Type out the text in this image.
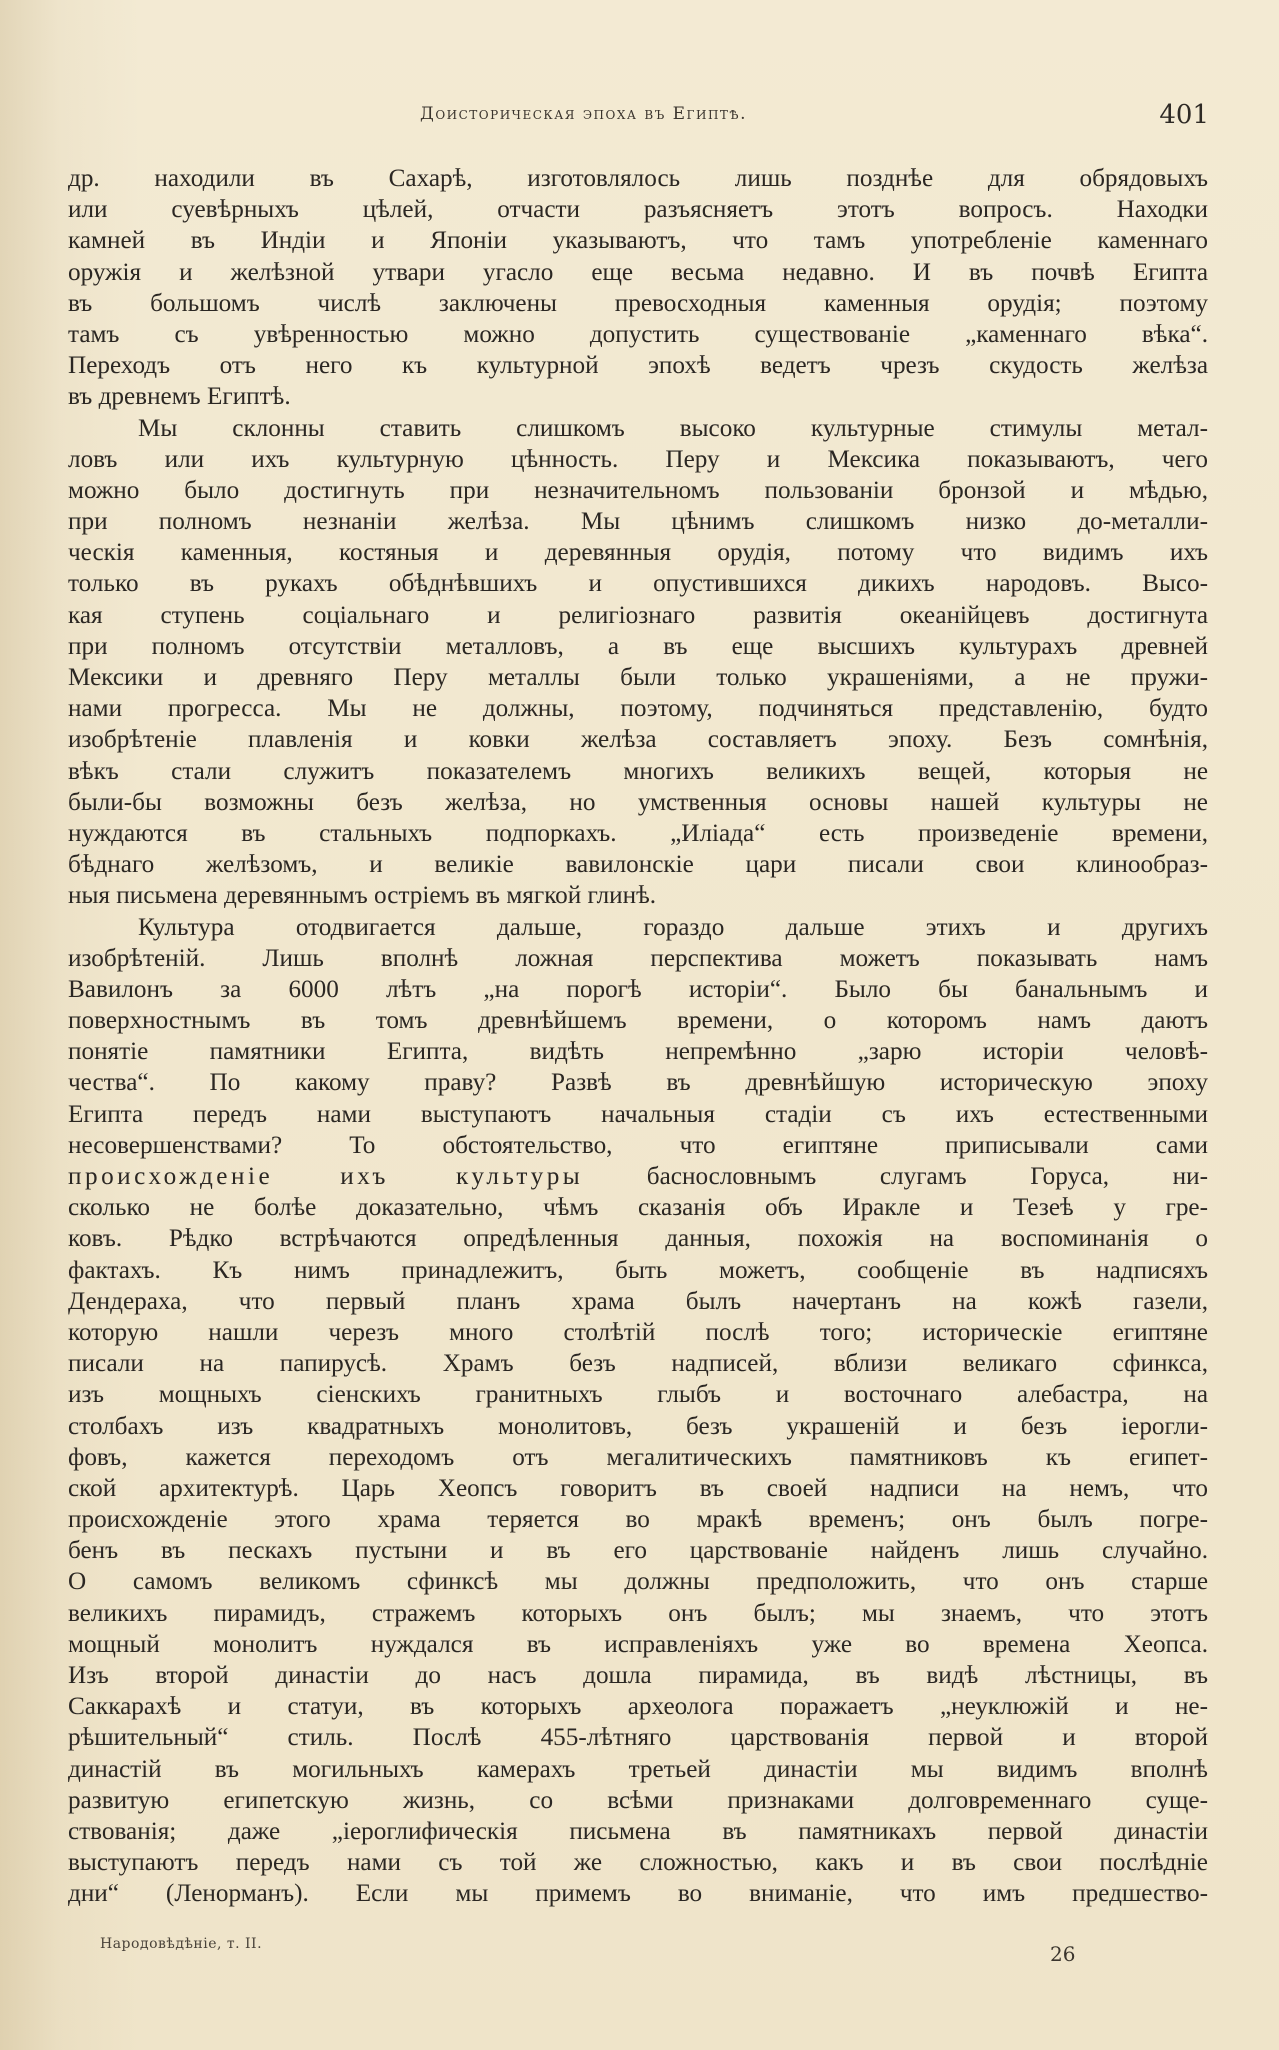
Доисторическая эпоха въ Египтѣ.	401
др. находили въ Сахарѣ, изготовлялось лишь позднѣе для обрядовыхъ
или суевѣрныхъ цѣлей, отчасти разъясняетъ этотъ вопросъ. Находки
камней въ Индіи и Японіи указываютъ, что тамъ употребленіе каменнаго
оружія и желѣзной утвари угасло еще весьма недавно. И въ почвѣ Египта
въ большомъ числѣ заключены превосходныя каменныя орудія; поэтому
тамъ съ увѣренностью можно допустить существованіе „каменнаго вѣка“.
Переходъ отъ него къ культурной эпохѣ ведетъ чрезъ скудость желѣза
въ древнемъ Египтѣ.
Мы склонны ставить слишкомъ высоко культурные стимулы метал-
ловъ или ихъ культурную цѣнность. Перу и Мексика показываютъ, чего
можно было достигнуть при незначительномъ пользованіи бронзой и мѣдью,
при полномъ незнаніи желѣза. Мы цѣнимъ слишкомъ низко до-металли-
ческія каменныя, костяныя и деревянныя орудія, потому что видимъ ихъ
только въ рукахъ обѣднѣвшихъ и опустившихся дикихъ народовъ. Высо-
кая ступень соціальнаго и религіознаго развитія океанійцевъ достигнута
при полномъ отсутствіи металловъ, а въ еще высшихъ культурахъ древней
Мексики и древняго Перу металлы были только украшеніями, а не пружи-
нами прогресса. Мы не должны, поэтому, подчиняться представленію, будто
изобрѣтеніе плавленія и ковки желѣза составляетъ эпоху. Безъ сомнѣнія,
вѣкъ стали служитъ показателемъ многихъ великихъ вещей, которыя не
были-бы возможны безъ желѣза, но умственныя основы нашей культуры не
нуждаются въ стальныхъ подпоркахъ. „Иліада“ есть произведеніе времени,
бѣднаго желѣзомъ, и великіе вавилонскіе цари писали свои клинообраз-
ныя письмена деревяннымъ остріемъ въ мягкой глинѣ.
Культура отодвигается дальше, гораздо дальше этихъ и другихъ
изобрѣтеній. Лишь вполнѣ ложная перспектива можетъ показывать намъ
Вавилонъ за 6000 лѣтъ „на порогѣ исторіи“. Было бы банальнымъ и
поверхностнымъ въ томъ древнѣйшемъ времени, о которомъ намъ даютъ
понятіе памятники Египта, видѣть непремѣнно „зарю исторіи человѣ-
чества“. По какому праву? Развѣ въ древнѣйшую историческую эпоху
Египта передъ нами выступаютъ начальныя стадіи съ ихъ естественными
несовершенствами? То обстоятельство, что египтяне приписывали сами
происхожденіе ихъ культуры баснословнымъ слугамъ Горуса, ни-
сколько не болѣе доказательно, чѣмъ сказанія объ Иракле и Тезеѣ у гре-
ковъ. Рѣдко встрѣчаются опредѣленныя данныя, похожія на воспоминанія о
фактахъ. Къ нимъ принадлежитъ, быть можетъ, сообщеніе въ надписяхъ
Дендераха, что первый планъ храма былъ начертанъ на кожѣ газели,
которую нашли черезъ много столѣтій послѣ того; историческіе египтяне
писали на папирусѣ. Храмъ безъ надписей, вблизи великаго сфинкса,
изъ мощныхъ сіенскихъ гранитныхъ глыбъ и восточнаго алебастра, на
столбахъ изъ квадратныхъ монолитовъ, безъ украшеній и безъ іерогли-
фовъ, кажется переходомъ отъ мегалитическихъ памятниковъ къ египет-
ской архитектурѣ. Царь Хеопсъ говоритъ въ своей надписи на немъ, что
происхожденіе этого храма теряется во мракѣ временъ; онъ былъ погре-
бенъ въ пескахъ пустыни и въ его царствованіе найденъ лишь случайно.
О самомъ великомъ сфинксѣ мы должны предположить, что онъ старше
великихъ пирамидъ, стражемъ которыхъ онъ былъ; мы знаемъ, что этотъ
мощный монолитъ нуждался въ исправленіяхъ уже во времена Хеопса.
Изъ второй династіи до насъ дошла пирамида, въ видѣ лѣстницы, въ
Саккарахѣ и статуи, въ которыхъ археолога поражаетъ „неуклюжій и не-
рѣшительный“ стиль. Послѣ 455-лѣтняго царствованія первой и второй
династій въ могильныхъ камерахъ третьей династіи мы видимъ вполнѣ
развитую египетскую жизнь, со всѣми признаками долговременнаго суще-
ствованія; даже „іероглифическія письмена въ памятникахъ первой династіи
выступаютъ передъ нами съ той же сложностью, какъ и въ свои послѣдніе
дни“ (Ленорманъ). Если мы примемъ во вниманіе, что имъ предшество-
Народовѣдѣніе, т. II.	26
